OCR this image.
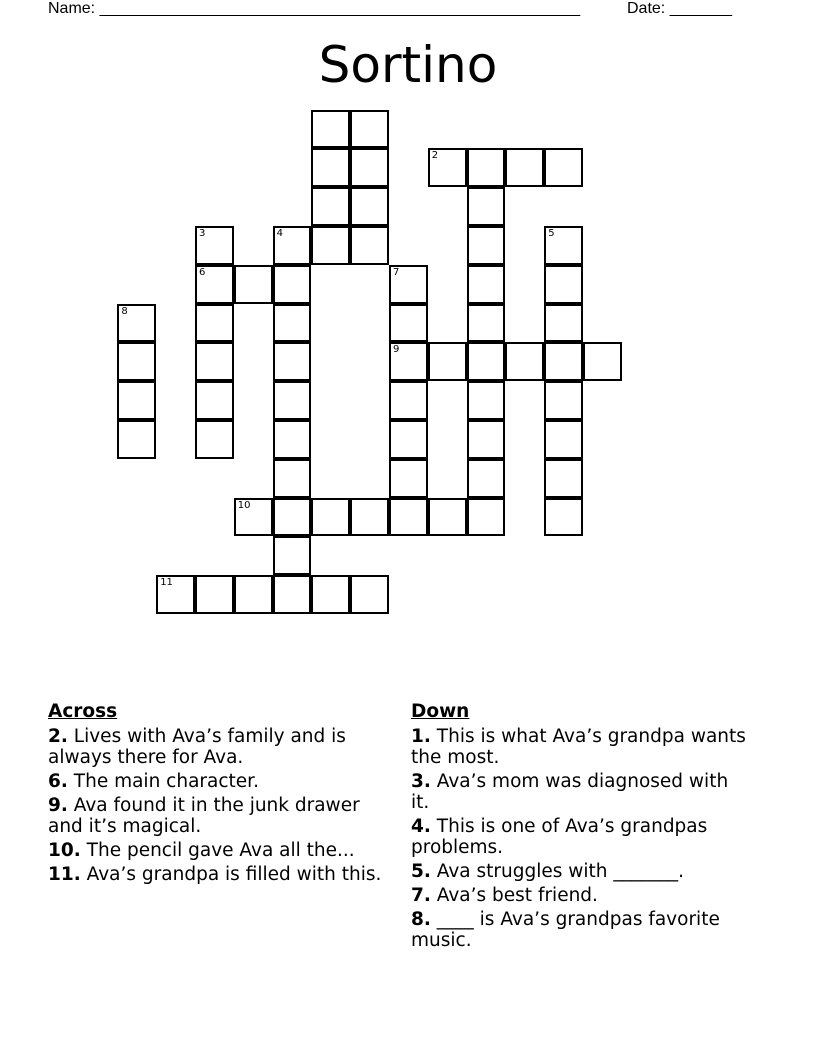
Name: ______________________________________________________	Date: _______
Sortino
2
3
6
4	5
7
9
8
10
11
Across
2. Lives with Ava’s family and is always there for Ava.
6. The main character.
9. Ava found it in the junk drawer and it’s magical.
10. The pencil gave Ava all the...
11. Ava’s grandpa is filled with this.
Down
1. This is what Ava’s grandpa wants the most.
3. Ava’s mom was diagnosed with it.
4. This is one of Ava’s grandpas problems.
5. Ava struggles with _______.
7. Ava’s best friend.
8. ____ is Ava’s grandpas favorite music.
